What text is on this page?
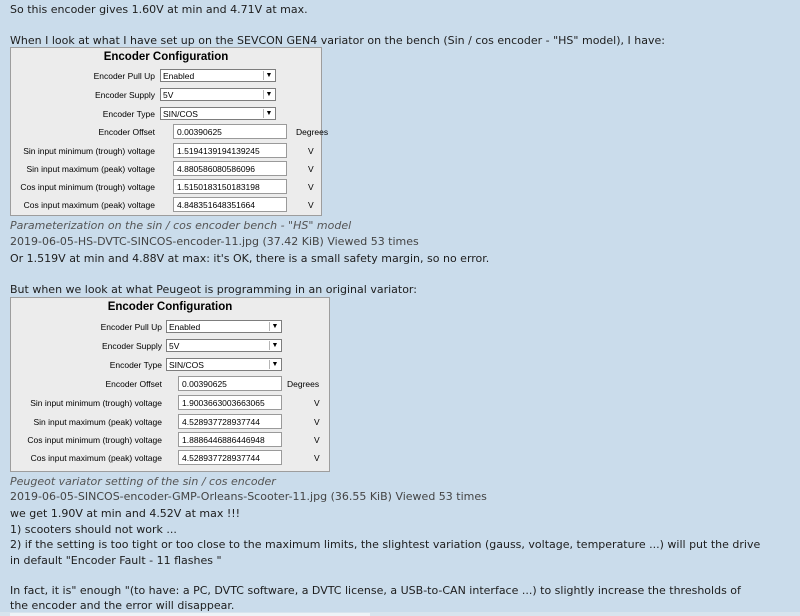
So this encoder gives 1.60V at min and 4.71V at max.
When I look at what I have set up on the SEVCON GEN4 variator on the bench (Sin / cos encoder - "HS" model), I have:
Encoder Configuration
Encoder Pull Up Enabled	▼
Encoder Supply 5V	▼
Encoder Type SIN/COS	▼
Encoder Offset	0.00390625	Degrees
Sin input minimum (trough) voltage	1.5194139194139245	V
Sin input maximum (peak) voltage	4.880586080586096	V
Cos input minimum (trough) voltage	1.5150183150183198	V
Cos input maximum (peak) voltage	4.848351648351664	V
Parameterization on the sin / cos encoder bench - "HS" model
2019-06-05-HS-DVTC-SINCOS-encoder-11.jpg (37.42 KiB) Viewed 53 times
Or 1.519V at min and 4.88V at max: it's OK, there is a small safety margin, so no error.
But when we look at what Peugeot is programming in an original variator:
Encoder Configuration
Encoder Pull Up Enabled	▼
Encoder Supply 5V	▼
Encoder Type SIN/COS	▼
Encoder Offset	0.00390625	Degrees
Sin input minimum (trough) voltage	1.9003663003663065	V
Sin input maximum (peak) voltage	4.528937728937744	V
Cos input minimum (trough) voltage	1.8886446886446948	V
Cos input maximum (peak) voltage	4.528937728937744	V
Peugeot variator setting of the sin / cos encoder
2019-06-05-SINCOS-encoder-GMP-Orleans-Scooter-11.jpg (36.55 KiB) Viewed 53 times
we get 1.90V at min and 4.52V at max !!!
1) scooters should not work ...
2) if the setting is too tight or too close to the maximum limits, the slightest variation (gauss, voltage, temperature ...) will put the drive
in default "Encoder Fault - 11 flashes "
In fact, it is" enough "(to have: a PC, DVTC software, a DVTC license, a USB-to-CAN interface ...) to slightly increase the thresholds of
the encoder and the error will disappear.
